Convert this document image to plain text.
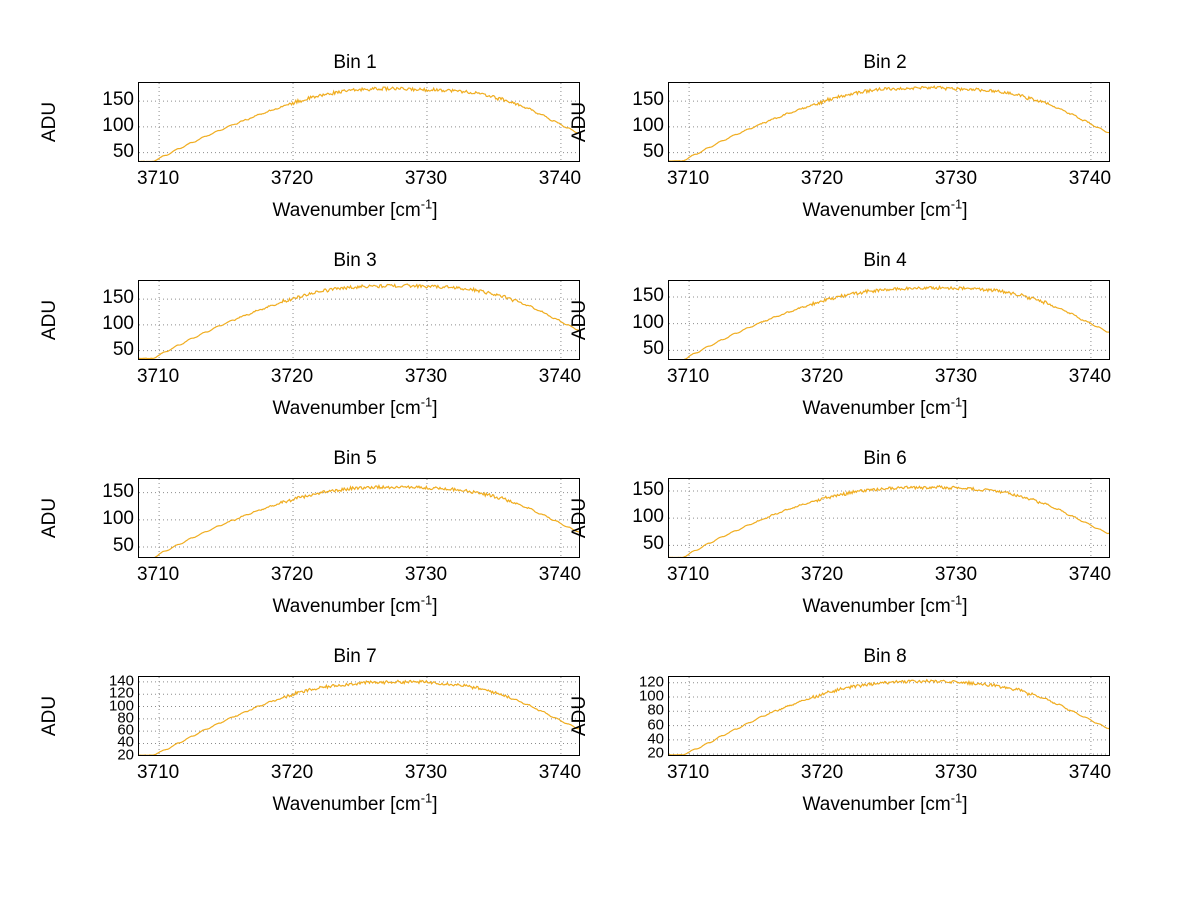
Bin 1
50
100
150
3710	3720	3730	3740
ADU
Wavenumber $[cm^{-1}]$
Bin 2
50
100
150
3710	3720	3730	3740
ADU
Wavenumber $[cm^{-1}]$
Bin 3
50
100
150
3710	3720	3730	3740
ADU
Wavenumber $[cm^{-1}]$
Bin 4
50
100
150
3710	3720	3730	3740
ADU
Wavenumber $[cm^{-1}]$
Bin 5
50
100
150
3710	3720	3730	3740
ADU
Wavenumber $[cm^{-1}]$
Bin 6
50
100
150
3710	3720	3730	3740
ADU
Wavenumber $[cm^{-1}]$
Bin 7
20
40
60
80
100
120
140
3710	3720	3730	3740
ADU
Wavenumber $[cm^{-1}]$
Bin 8
20
40
60
80
100
120
3710	3720	3730	3740
ADU
Wavenumber $[cm^{-1}]$
